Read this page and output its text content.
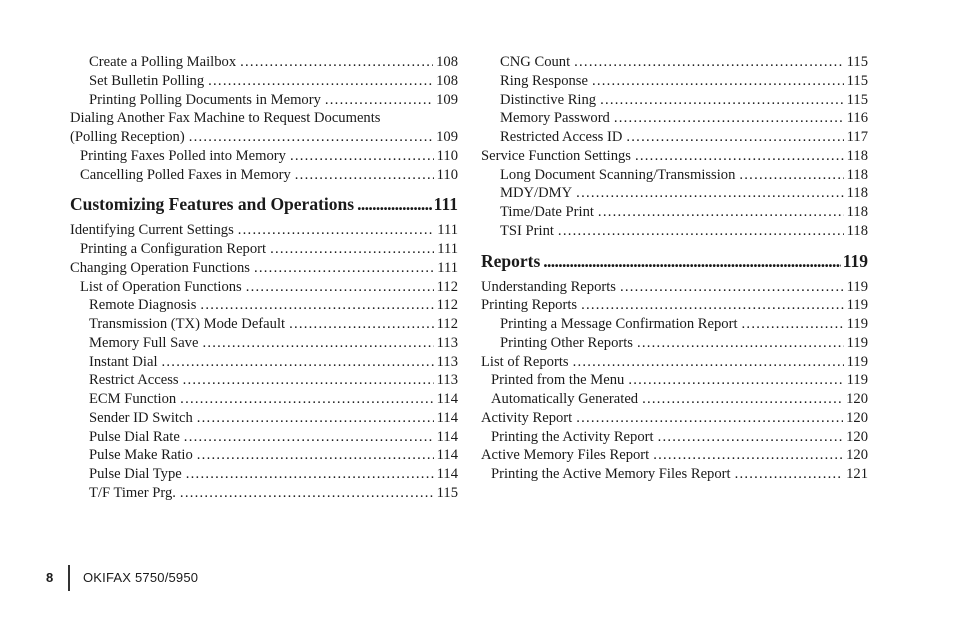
Create a Polling Mailbox . . .	108
Set Bulletin Polling . . .	108
Printing Polling Documents in Memory . . .	109
Dialing Another Fax Machine to Request Documents
(Polling Reception) . . .	109
Printing Faxes Polled into Memory . . .	110
Cancelling Polled Faxes in Memory . . .	110
Customizing Features and Operations . . .	111
Identifying Current Settings . . .	111
Printing a Configuration Report . . .	111
Changing Operation Functions . . .	111
List of Operation Functions . . .	112
Remote Diagnosis . . .	112
Transmission (TX) Mode Default . . .	112
Memory Full Save . . .	113
Instant Dial . . .	113
Restrict Access . . .	113
ECM Function . . .	114
Sender ID Switch . . .	114
Pulse Dial Rate . . .	114
Pulse Make Ratio . . .	114
Pulse Dial Type . . .	114
T/F Timer Prg. . . .	115
CNG Count . . .	115
Ring Response . . .	115
Distinctive Ring . . .	115
Memory Password . . .	116
Restricted Access ID . . .	117
Service Function Settings . . .	118
Long Document Scanning/Transmission . . .	118
MDY/DMY . . .	118
Time/Date Print . . .	118
TSI Print . . .	118
Reports . . .	119
Understanding Reports . . .	119
Printing Reports . . .	119
Printing a Message Confirmation Report . . .	119
Printing Other Reports . . .	119
List of Reports . . .	119
Printed from the Menu . . .	119
Automatically Generated . . .	120
Activity Report . . .	120
Printing the Activity Report . . .	120
Active Memory Files Report . . .	120
Printing the Active Memory Files Report . . .	121
8 OKIFAX 5750/5950
